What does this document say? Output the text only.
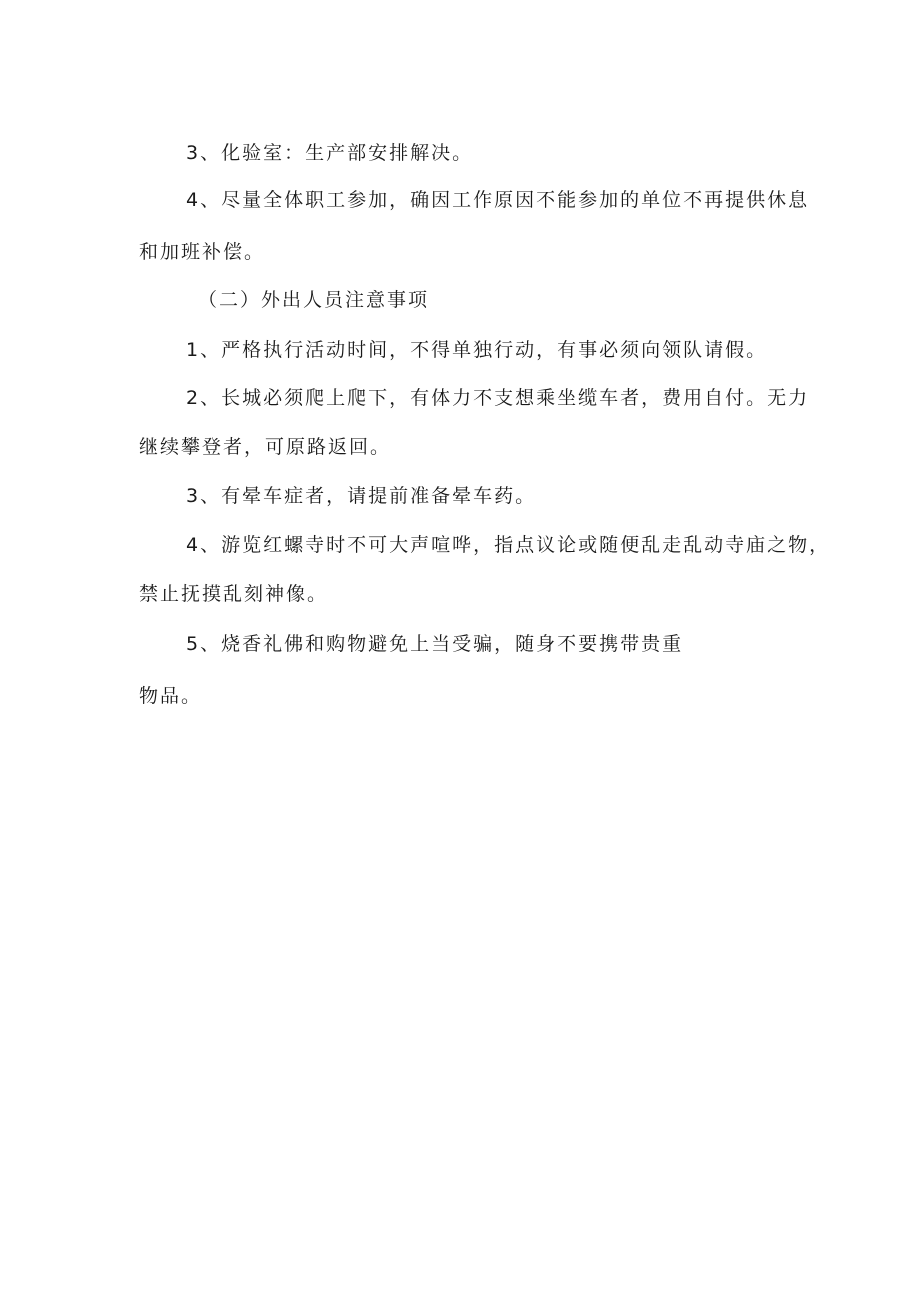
3、化验室：生产部安排解决。
4、尽量全体职工参加，确因工作原因不能参加的单位不再提供休息
和加班补偿。
（二）外出人员注意事项
1、严格执行活动时间，不得单独行动，有事必须向领队请假。
2、长城必须爬上爬下，有体力不支想乘坐缆车者，费用自付。无力
继续攀登者，可原路返回。
3、有晕车症者，请提前准备晕车药。
4、游览红螺寺时不可大声喧哗，指点议论或随便乱走乱动寺庙之物，
禁止抚摸乱刻神像。
5、烧香礼佛和购物避免上当受骗，随身不要携带贵重
物品。
